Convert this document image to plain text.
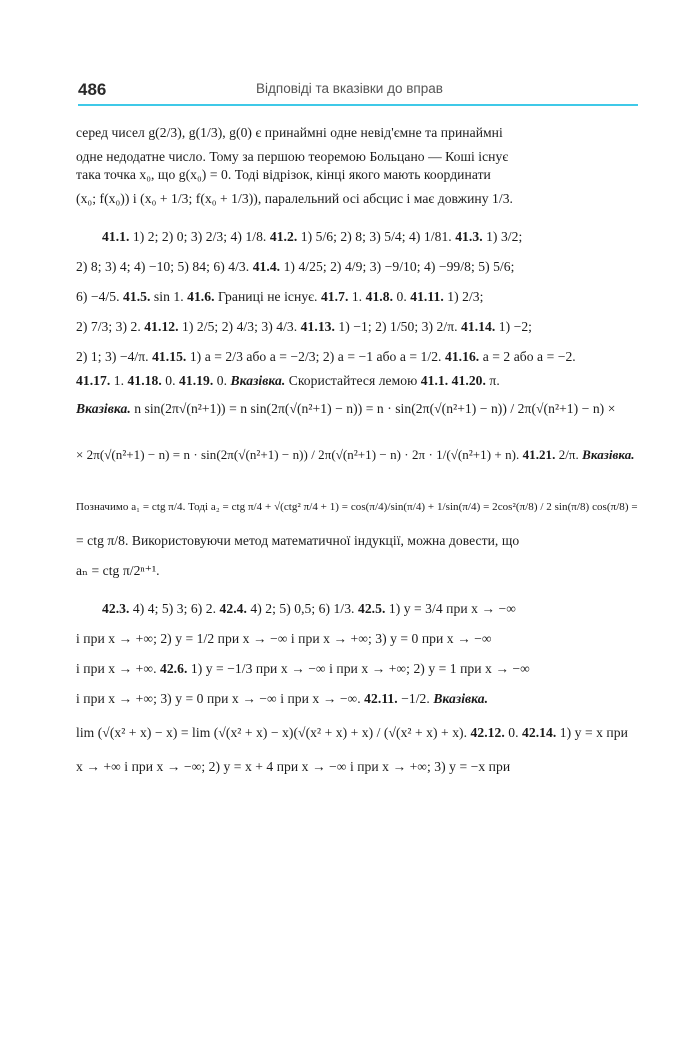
486	Відповіді та вказівки до вправ
серед чисел g(2/3), g(1/3), g(0) є принаймні одне невід'ємне та принаймні
одне недодатне число. Тому за першою теоремою Больцано — Коші існує
така точка x₀, що g(x₀) = 0. Тоді відрізок, кінці якого мають координати
(x₀; f(x₀)) і (x₀ + 1/3; f(x₀ + 1/3)), паралельний осі абсцис і має довжину 1/3.
41.1. 1) 2; 2) 0; 3) 2/3; 4) 1/8. 41.2. 1) 5/6; 2) 8; 3) 5/4; 4) 1/81. 41.3. 1) 3/2;
2) 8; 3) 4; 4) −10; 5) 84; 6) 4/3. 41.4. 1) 4/25; 2) 4/9; 3) −9/10; 4) −99/8; 5) 5/6;
6) −4/5. 41.5. sin 1. 41.6. Границі не існує. 41.7. 1. 41.8. 0. 41.11. 1) 2/3;
2) 7/3; 3) 2. 41.12. 1) 2/5; 2) 4/3; 3) 4/3. 41.13. 1) −1; 2) 1/50; 3) 2/π. 41.14. 1) −2;
2) 1; 3) −4/π. 41.15. 1) a = 2/3 або a = −2/3; 2) a = −1 або a = 1/2. 41.16. a = 2 або a = −2.
41.17. 1. 41.18. 0. 41.19. 0. Вказівка. Скористайтеся лемою 41.1. 41.20. π.
Вказівка. n sin(2π√(n²+1)) = n sin(2π(√(n²+1) − n)) = n · sin(2π(√(n²+1) − n)) / 2π(√(n²+1) − n) ×
× 2π(√(n²+1) − n) = n · sin(2π(√(n²+1) − n)) / 2π(√(n²+1) − n) · 2π · 1/(√(n²+1) + n). 41.21. 2/π. Вказівка.
Позначимо a₁ = ctg π/4. Тоді a₂ = ctg π/4 + √(ctg² π/4 + 1) = cos(π/4)/sin(π/4) + 1/sin(π/4) = 2cos²(π/8) / 2 sin(π/8) cos(π/8) =
= ctg π/8. Використовуючи метод математичної індукції, можна довести, що
aₙ = ctg π/2ⁿ⁺¹.
42.3. 4) 4; 5) 3; 6) 2. 42.4. 4) 2; 5) 0,5; 6) 1/3. 42.5. 1) y = 3/4 при x → −∞
і при x → +∞; 2) y = 1/2 при x → −∞ і при x → +∞; 3) y = 0 при x → −∞
і при x → +∞. 42.6. 1) y = −1/3 при x → −∞ і при x → +∞; 2) y = 1 при x → −∞
і при x → +∞; 3) y = 0 при x → −∞ і при x → −∞. 42.11. −1/2. Вказівка.
lim (√(x² + x) − x) = lim (√(x² + x) − x)(√(x² + x) + x) / (√(x² + x) + x). 42.12. 0. 42.14. 1) y = x при
x → +∞ і при x → −∞; 2) y = x + 4 при x → −∞ і при x → +∞; 3) y = −x при
